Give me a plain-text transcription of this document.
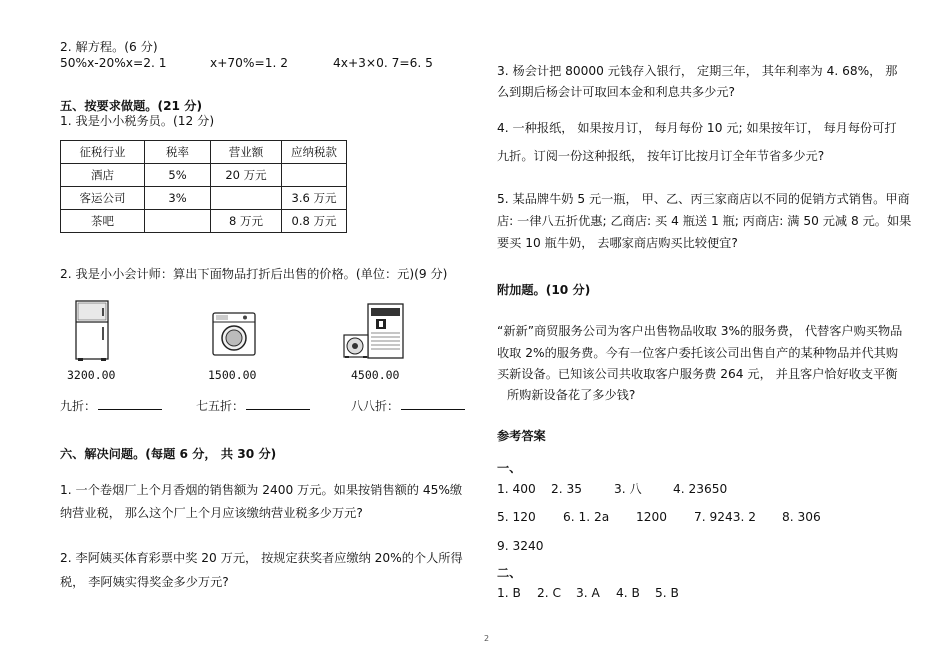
2. 解方程。(6 分)
50%x-20%x=2. 1	x+70%=1. 2	4x+3×0. 7=6. 5
五、按要求做题。(21 分)
1. 我是小小税务员。(12 分)
征税行业	税率	营业额	应纳税款
酒店	5%	20 万元	
客运公司	3%		3.6 万元
茶吧		8 万元	0.8 万元
2. 我是小小会计师：算出下面物品打折后出售的价格。(单位：元)(9 分)
3200.00
九折：
1500.00
七五折：
4500.00
八八折：
六、解决问题。(每题 6 分， 共 30 分)
1. 一个卷烟厂上个月香烟的销售额为 2400 万元。如果按销售额的 45%缴
纳营业税， 那么这个厂上个月应该缴纳营业税多少万元?
2. 李阿姨买体育彩票中奖 20 万元， 按规定获奖者应缴纳 20%的个人所得
税， 李阿姨实得奖金多少万元?
3. 杨会计把 80000 元钱存入银行， 定期三年， 其年利率为 4. 68%， 那
么到期后杨会计可取回本金和利息共多少元?
4. 一种报纸， 如果按月订， 每月每份 10 元; 如果按年订， 每月每份可打
九折。订阅一份这种报纸， 按年订比按月订全年节省多少元?
5. 某品牌牛奶 5 元一瓶， 甲、乙、丙三家商店以不同的促销方式销售。甲商
店: 一律八五折优惠; 乙商店: 买 4 瓶送 1 瓶; 丙商店: 满 50 元减 8 元。如果
要买 10 瓶牛奶， 去哪家商店购买比较便宜?
附加题。(10 分)
“新新”商贸服务公司为客户出售物品收取 3%的服务费， 代替客户购买物品
收取 2%的服务费。今有一位客户委托该公司出售自产的某种物品并代其购
买新设备。已知该公司共收取客户服务费 264 元， 并且客户恰好收支平衡
所购新设备花了多少钱?
参考答案
一、
1. 400 2. 35	3. 八	4. 23650
5. 120 6. 1. 2a 1200 7. 9243. 2 8. 306
9. 3240
二、
1. B 2. C 3. A 4. B 5. B
2
